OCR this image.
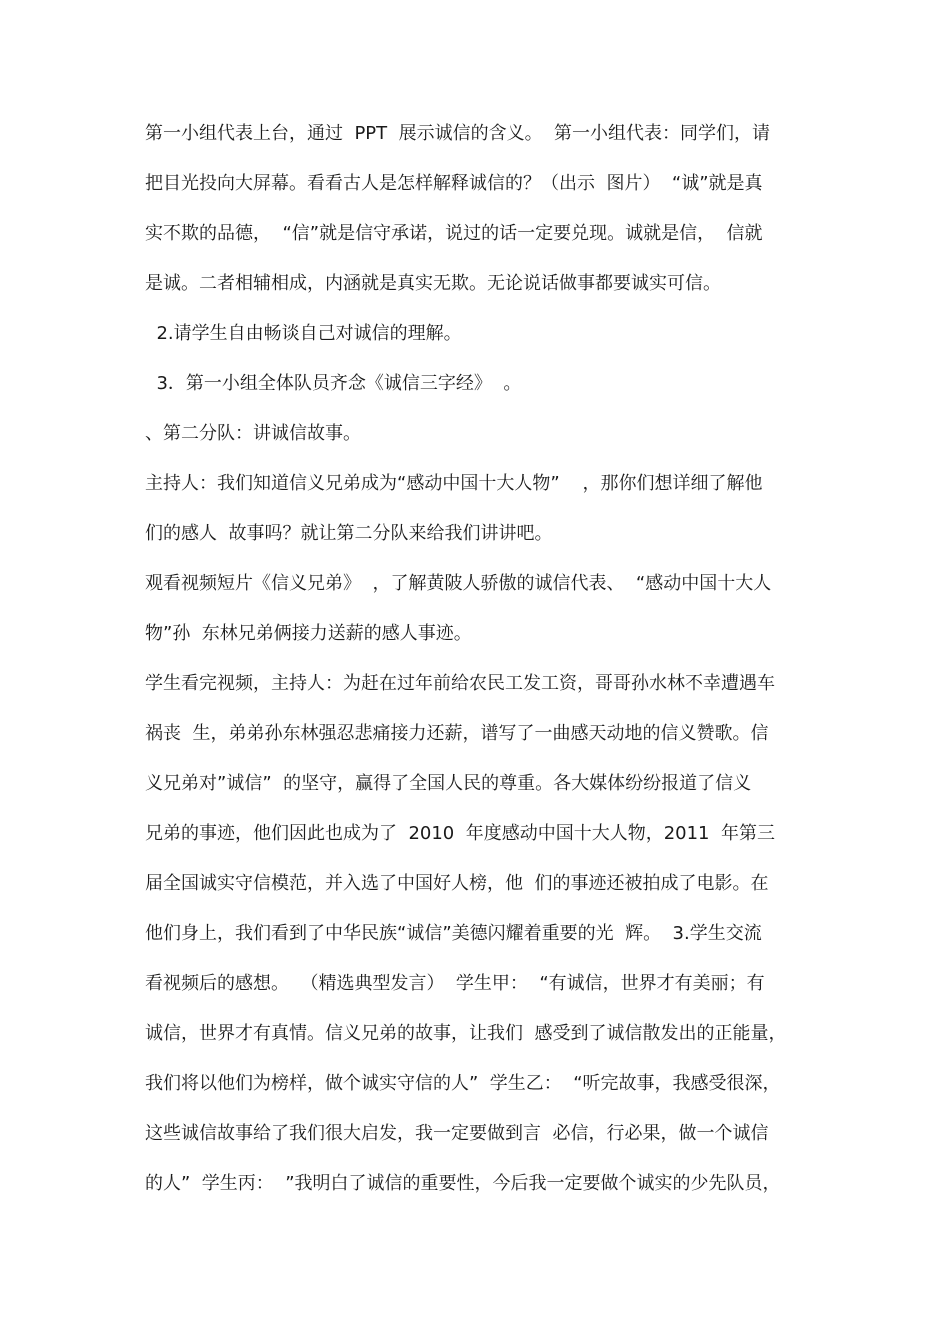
第一小组代表上台，通过  PPT  展示诚信的含义。  第一小组代表：同学们，请

把目光投向大屏幕。看看古人是怎样解释诚信的？（出示  图片）  “诚”就是真

实不欺的品德，  “信”就是信守承诺，说过的话一定要兑现。诚就是信，  信就

是诚。二者相辅相成，内涵就是真实无欺。无论说话做事都要诚实可信。

2.请学生自由畅谈自己对诚信的理解。

3．第一小组全体队员齐念《诚信三字经》  。

、第二分队：讲诚信故事。

主持人：我们知道信义兄弟成为“感动中国十大人物”    ，那你们想详细了解他

们的感人  故事吗？就让第二分队来给我们讲讲吧。

观看视频短片《信义兄弟》  ，了解黄陂人骄傲的诚信代表、  “感动中国十大人

物”孙  东林兄弟俩接力送薪的感人事迹。

学生看完视频，主持人：为赶在过年前给农民工发工资，哥哥孙水林不幸遭遇车

祸丧  生，弟弟孙东林强忍悲痛接力还薪，谱写了一曲感天动地的信义赞歌。信

义兄弟对”诚信”  的坚守，赢得了全国人民的尊重。各大媒体纷纷报道了信义

兄弟的事迹，他们因此也成为了  2010  年度感动中国十大人物，2011  年第三

届全国诚实守信模范，并入选了中国好人榜，他  们的事迹还被拍成了电影。在

他们身上，我们看到了中华民族“诚信”美德闪耀着重要的光  辉。  3.学生交流

看视频后的感想。  （精选典型发言）  学生甲：  “有诚信，世界才有美丽；有

诚信，世界才有真情。信义兄弟的故事，让我们  感受到了诚信散发出的正能量，

我们将以他们为榜样，做个诚实守信的人”  学生乙：  “听完故事，我感受很深，

这些诚信故事给了我们很大启发，我一定要做到言  必信，行必果，做一个诚信

的人”  学生丙：  ”我明白了诚信的重要性，今后我一定要做个诚实的少先队员，
